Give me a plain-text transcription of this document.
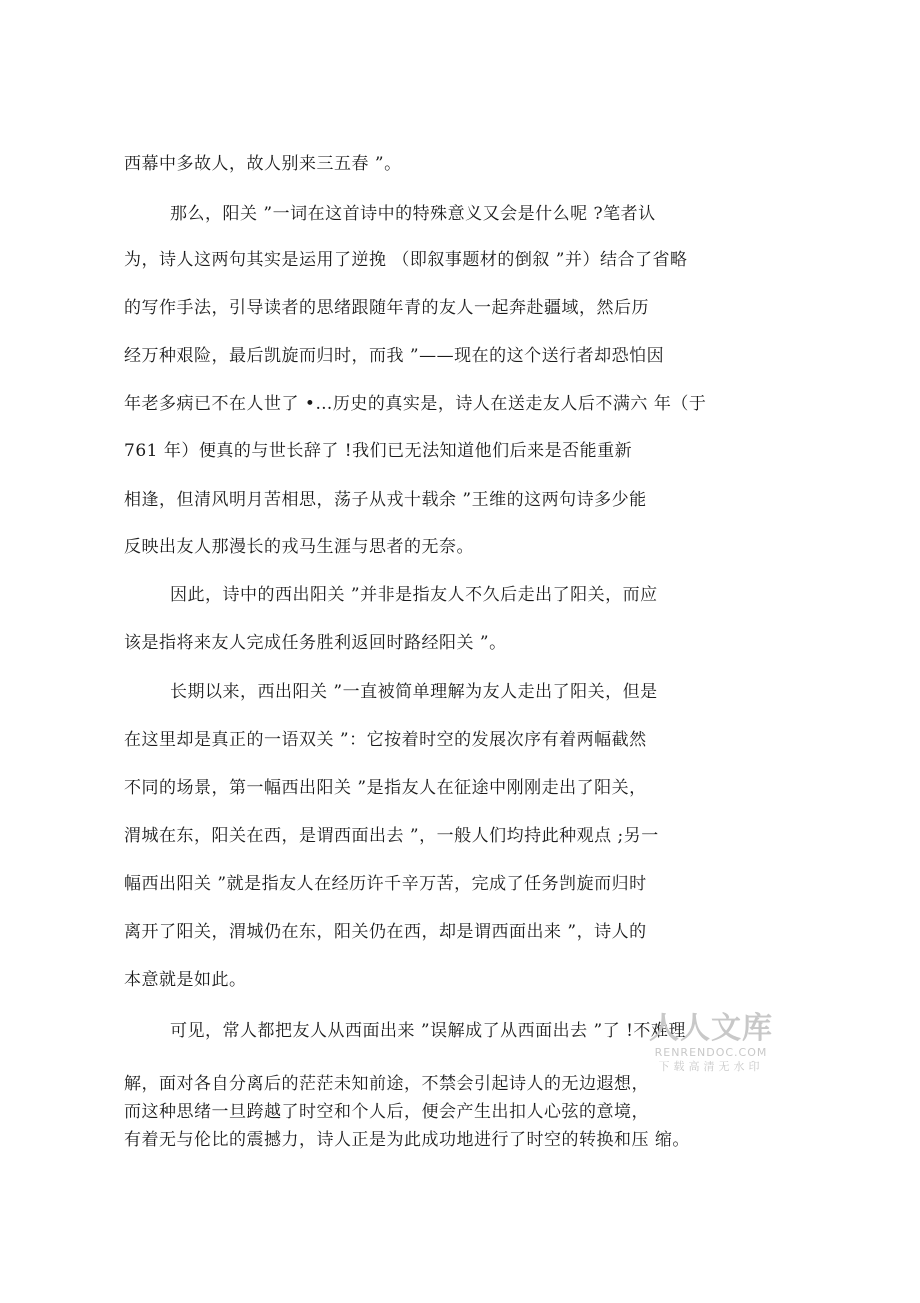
西幕中多故人，故人别来三五春 ”。
那么，阳关 ”一词在这首诗中的特殊意义又会是什么呢 ?笔者认
为，诗人这两句其实是运用了逆挽 （即叙事题材的倒叙 ”并）结合了省略
的写作手法，引导读者的思绪跟随年青的友人一起奔赴疆域，然后历
经万种艰险，最后凯旋而归时，而我 ”——现在的这个送行者却恐怕因
年老多病已不在人世了 •…历史的真实是，诗人在送走友人后不满六 年（于
761 年）便真的与世长辞了 !我们已无法知道他们后来是否能重新
相逢，但清风明月苦相思，荡子从戎十载余 ”王维的这两句诗多少能
反映出友人那漫长的戎马生涯与思者的无奈。
因此，诗中的西出阳关 ”并非是指友人不久后走出了阳关，而应
该是指将来友人完成任务胜利返回时路经阳关 ”。
长期以来，西出阳关 ”一直被简单理解为友人走出了阳关，但是
在这里却是真正的一语双关 ”：它按着时空的发展次序有着两幅截然
不同的场景，第一幅西出阳关 ”是指友人在征途中刚刚走出了阳关，
渭城在东，阳关在西，是谓西面出去 ”，一般人们均持此种观点 ;另一
幅西出阳关 ”就是指友人在经历许千辛万苦，完成了任务剀旋而归时
离开了阳关，渭城仍在东，阳关仍在西，却是谓西面出来 ”，诗人的
本意就是如此。
可见，常人都把友人从西面出来 ”误解成了从西面出去 ”了 !不难理
解，面对各自分离后的茫茫未知前途，不禁会引起诗人的无边遐想，
而这种思绪一旦跨越了时空和个人后，便会产生出扣人心弦的意境，
有着无与伦比的震撼力，诗人正是为此成功地进行了时空的转换和压 缩。
人人文库
RENRENDOC.COM
下载高清无水印
